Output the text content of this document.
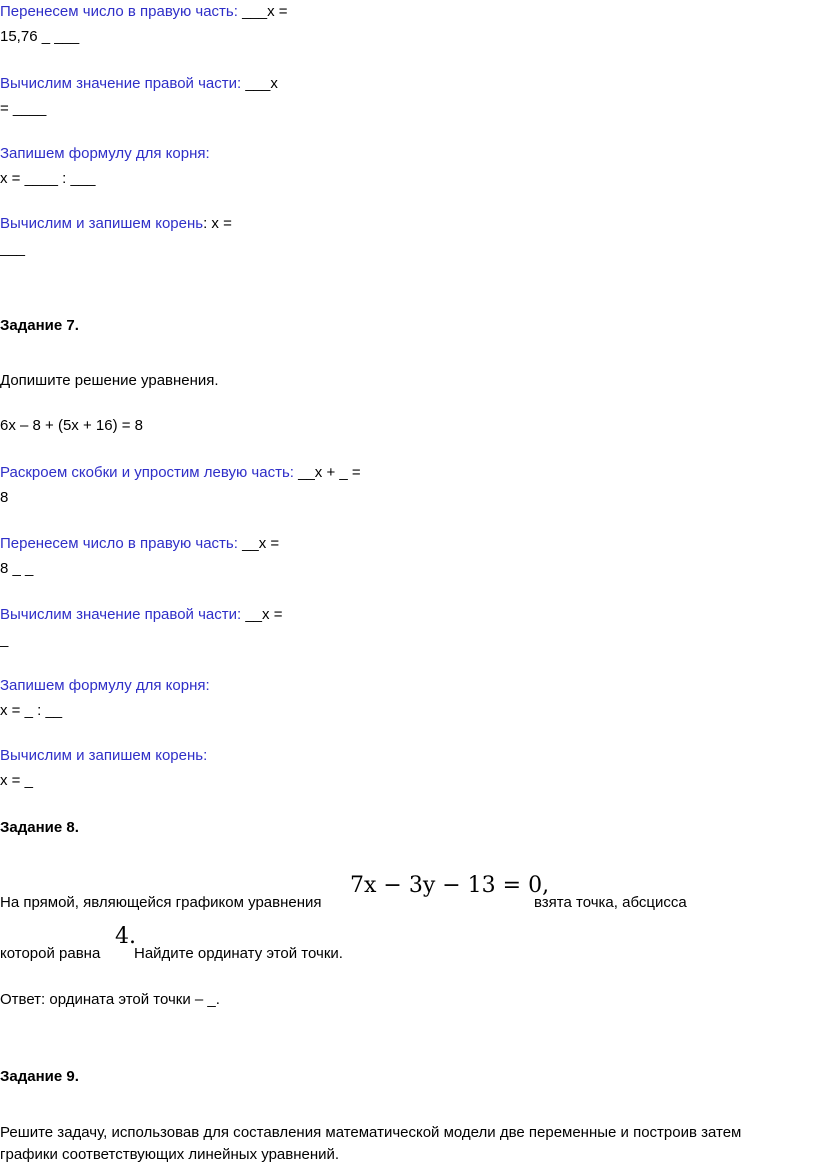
Перенесем число в правую часть: ___х =
15,76 _ ___
Вычислим значение правой части: ___х
= ____
Запишем формулу для корня:
х = ____ : ___
Вычислим и запишем корень: х =
___
Задание 7.
Допишите решение уравнения.
6х – 8 + (5х + 16) = 8
Раскроем скобки и упростим левую часть: __х + _ =
8
Перенесем число в правую часть: __х =
8 _ _
Вычислим значение правой части: __х =
_
Запишем формулу для корня:
х = _ : __
Вычислим и запишем корень:
х = _
Задание 8.
На прямой, являющейся графиком уравнения
7x − 3y − 13 = 0,
взята точка, абсцисса
которой равна
4.
Найдите ординату этой точки.
Ответ: ордината этой точки – _.
Задание 9.
Решите задачу, использовав для составления математической модели две переменные и построив затем
графики соответствующих линейных уравнений.
